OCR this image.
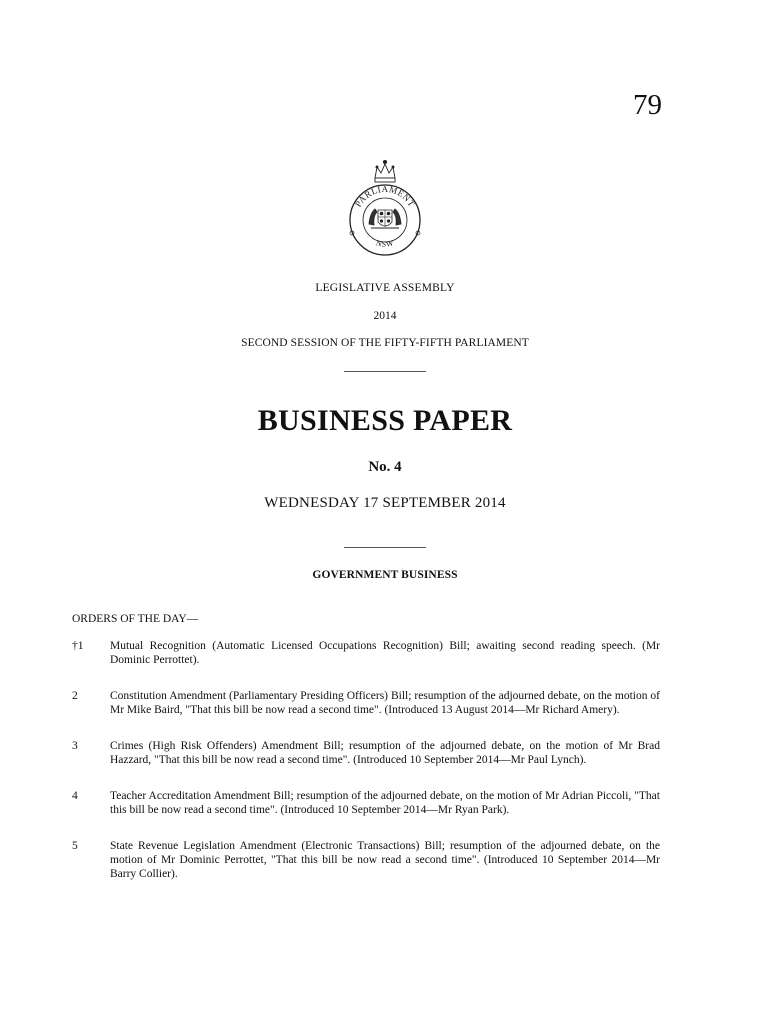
79
PARLIAMENT
NSW
LEGISLATIVE ASSEMBLY
2014
SECOND SESSION OF THE FIFTY-FIFTH PARLIAMENT
BUSINESS PAPER
No. 4
WEDNESDAY 17 SEPTEMBER 2014
GOVERNMENT BUSINESS
ORDERS OF THE DAY—
†1	Mutual Recognition (Automatic Licensed Occupations Recognition) Bill; awaiting second reading speech. (Mr Dominic Perrottet).
2	Constitution Amendment (Parliamentary Presiding Officers) Bill; resumption of the adjourned debate, on the motion of Mr Mike Baird, "That this bill be now read a second time". (Introduced 13 August 2014—Mr Richard Amery).
3	Crimes (High Risk Offenders) Amendment Bill; resumption of the adjourned debate, on the motion of Mr Brad Hazzard, "That this bill be now read a second time". (Introduced 10 September 2014—Mr Paul Lynch).
4	Teacher Accreditation Amendment Bill; resumption of the adjourned debate, on the motion of Mr Adrian Piccoli, "That this bill be now read a second time". (Introduced 10 September 2014—Mr Ryan Park).
5	State Revenue Legislation Amendment (Electronic Transactions) Bill; resumption of the adjourned debate, on the motion of Mr Dominic Perrottet, "That this bill be now read a second time". (Introduced 10 September 2014—Mr Barry Collier).
